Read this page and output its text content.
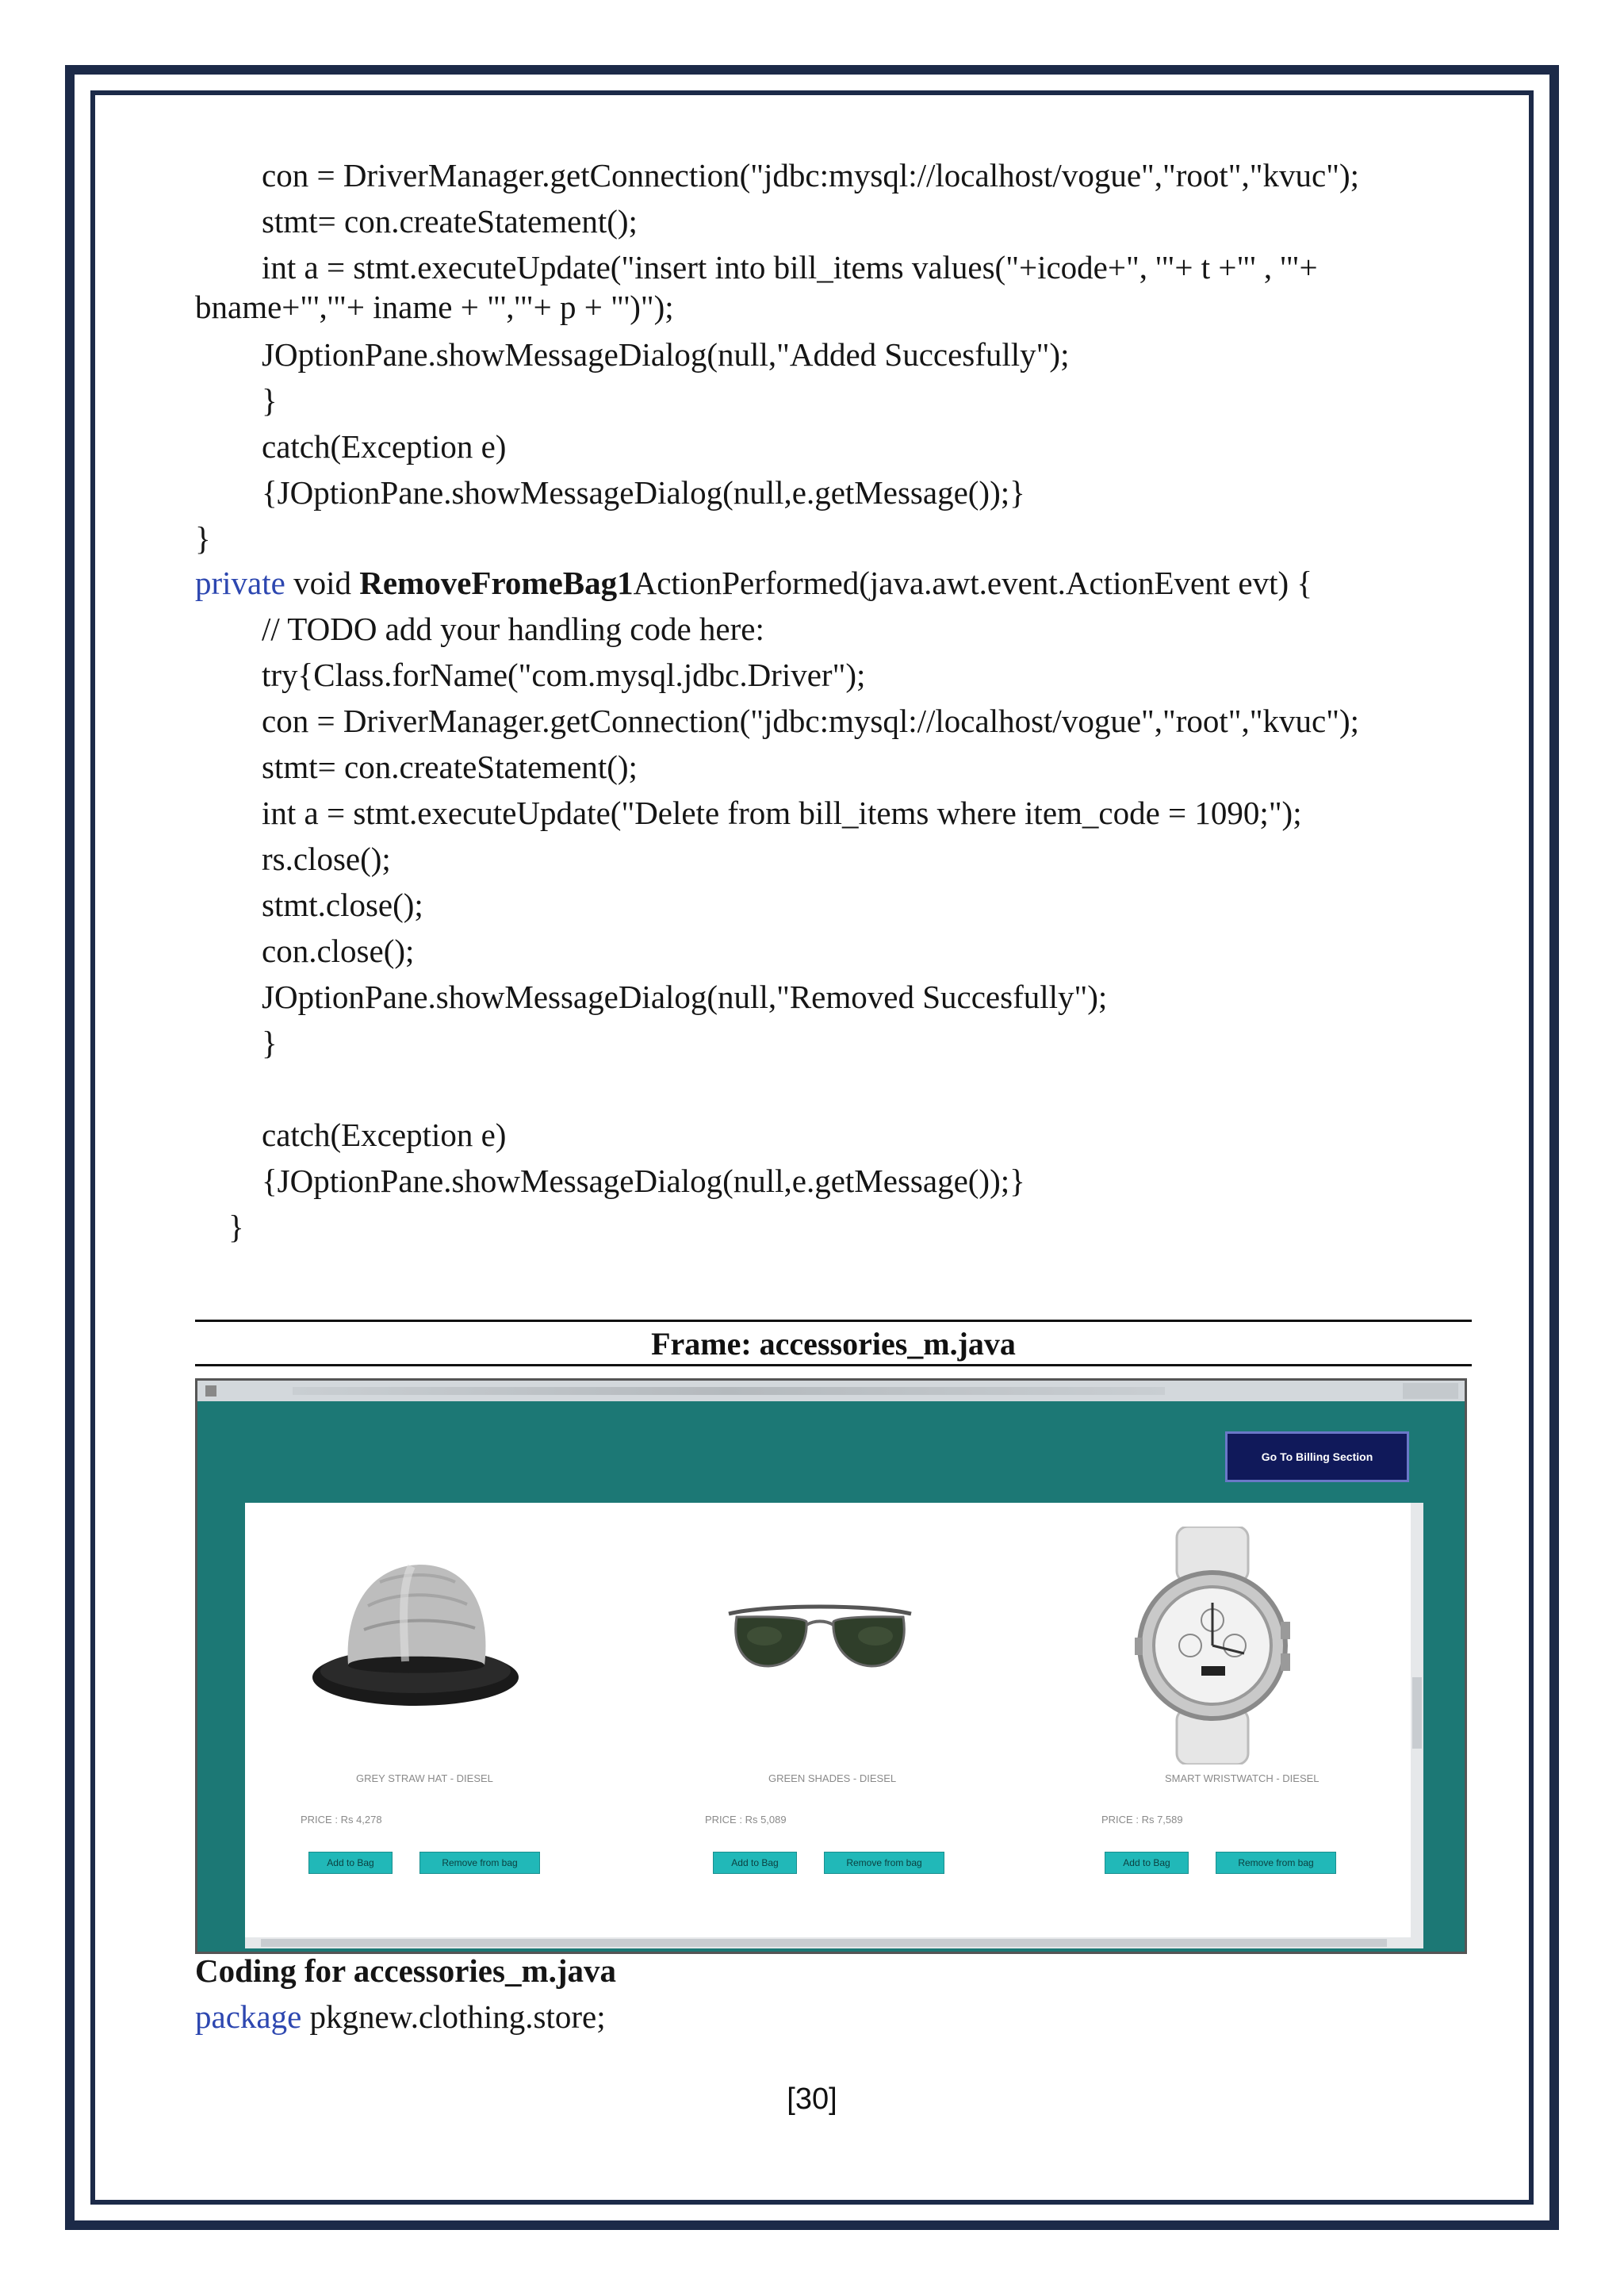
con = DriverManager.getConnection("jdbc:mysql://localhost/vogue","root","kvuc");
stmt= con.createStatement();
int a = stmt.executeUpdate("insert into bill_items values("+icode+", '"+ t +"' , '"+
bname+"','"+ iname + "','"+ p + "')");
JOptionPane.showMessageDialog(null,"Added Succesfully");
}
catch(Exception e)
{JOptionPane.showMessageDialog(null,e.getMessage());}
}
private void RemoveFromeBag1ActionPerformed(java.awt.event.ActionEvent evt) {
// TODO add your handling code here:
try{Class.forName("com.mysql.jdbc.Driver");
con = DriverManager.getConnection("jdbc:mysql://localhost/vogue","root","kvuc");
stmt= con.createStatement();
int a = stmt.executeUpdate("Delete from bill_items where item_code = 1090;");
rs.close();
stmt.close();
con.close();
JOptionPane.showMessageDialog(null,"Removed Succesfully");
}
catch(Exception e)
{JOptionPane.showMessageDialog(null,e.getMessage());}
}
Frame: accessories_m.java
Go To Billing Section
GREY STRAW HAT - DIESEL
PRICE : Rs 4,278
Add to Bag	Remove from bag
GREEN SHADES - DIESEL
PRICE : Rs 5,089
Add to Bag	Remove from bag
SMART WRISTWATCH - DIESEL
PRICE : Rs 7,589
Add to Bag	Remove from bag
Coding for accessories_m.java
package pkgnew.clothing.store;
[30]
